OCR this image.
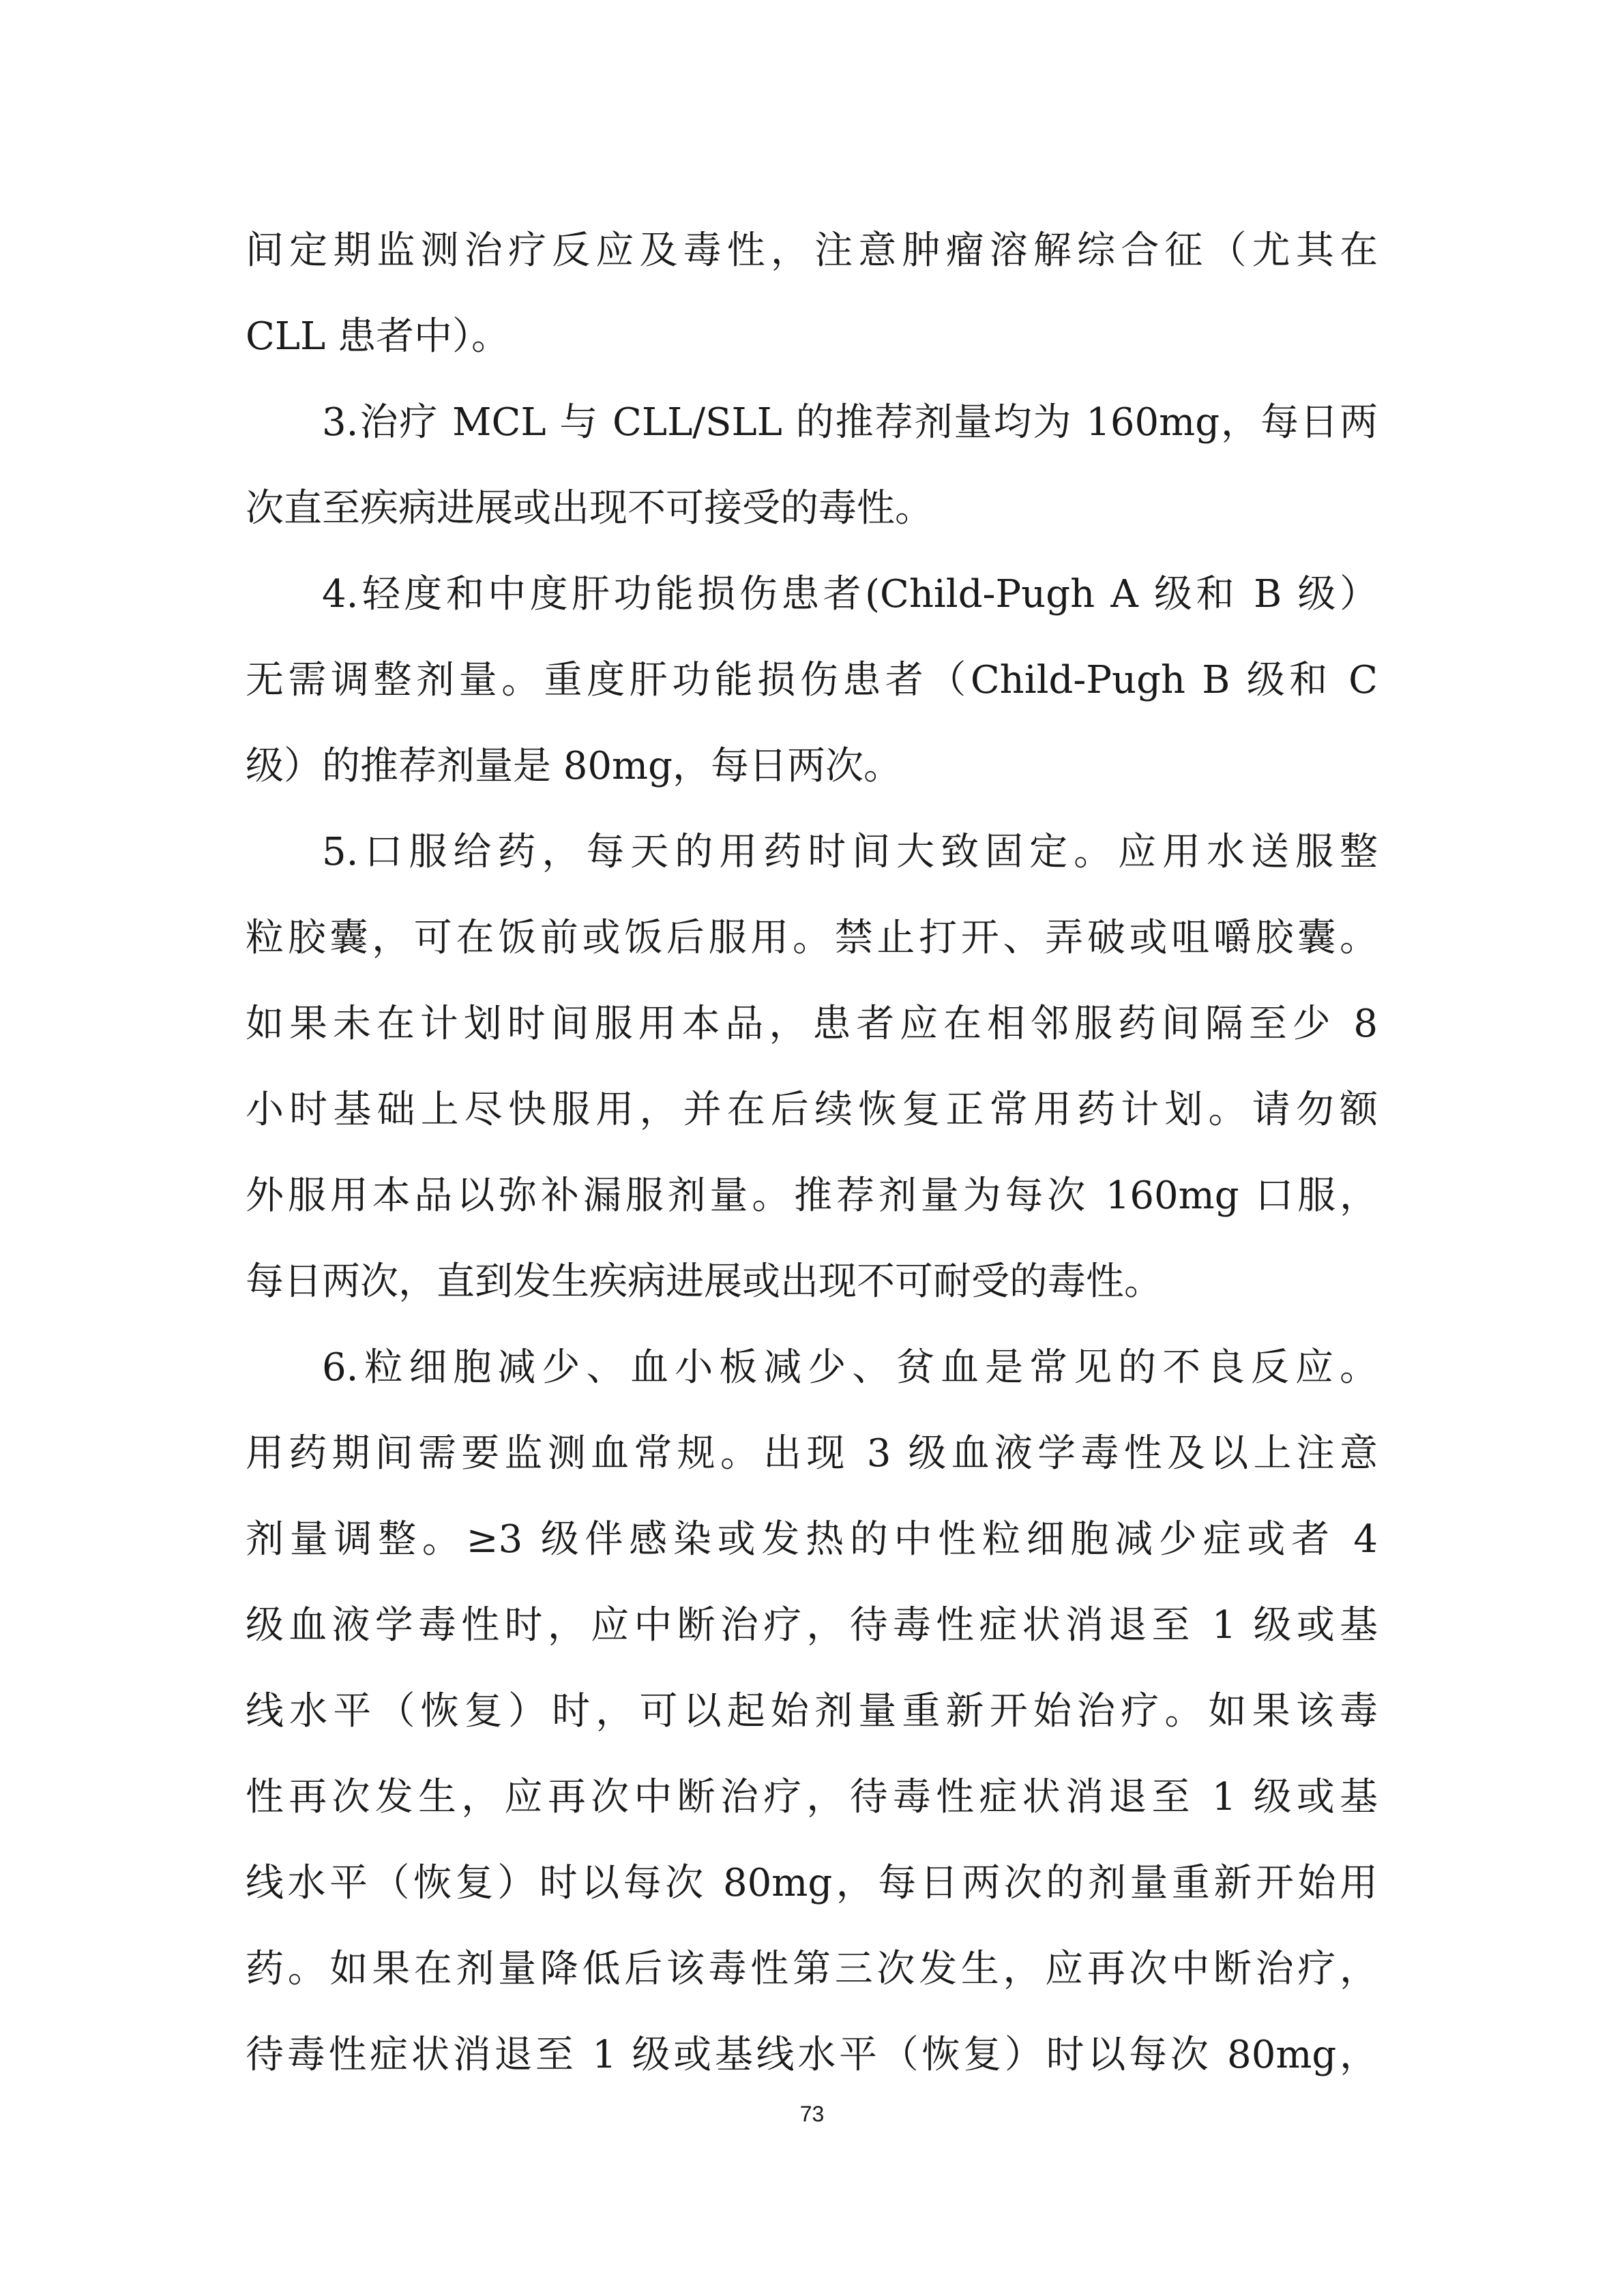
间定期监测治疗反应及毒性，注意肿瘤溶解综合征（尤其在
CLL 患者中）。
3.治疗 MCL 与 CLL/SLL 的推荐剂量均为 160mg，每日两
次直至疾病进展或出现不可接受的毒性。
4.轻度和中度肝功能损伤患者(Child-Pugh A 级和 B 级）
无需调整剂量。重度肝功能损伤患者（Child-Pugh B 级和 C
级）的推荐剂量是 80mg，每日两次。
5.口服给药，每天的用药时间大致固定。应用水送服整
粒胶囊，可在饭前或饭后服用。禁止打开、弄破或咀嚼胶囊。
如果未在计划时间服用本品，患者应在相邻服药间隔至少 8
小时基础上尽快服用，并在后续恢复正常用药计划。请勿额
外服用本品以弥补漏服剂量。推荐剂量为每次 160mg 口服，
每日两次，直到发生疾病进展或出现不可耐受的毒性。
6.粒细胞减少、血小板减少、贫血是常见的不良反应。
用药期间需要监测血常规。出现 3 级血液学毒性及以上注意
剂量调整。≥3 级伴感染或发热的中性粒细胞减少症或者 4
级血液学毒性时，应中断治疗，待毒性症状消退至 1 级或基
线水平（恢复）时，可以起始剂量重新开始治疗。如果该毒
性再次发生，应再次中断治疗，待毒性症状消退至 1 级或基
线水平（恢复）时以每次 80mg，每日两次的剂量重新开始用
药。如果在剂量降低后该毒性第三次发生，应再次中断治疗，
待毒性症状消退至 1 级或基线水平（恢复）时以每次 80mg，
73
